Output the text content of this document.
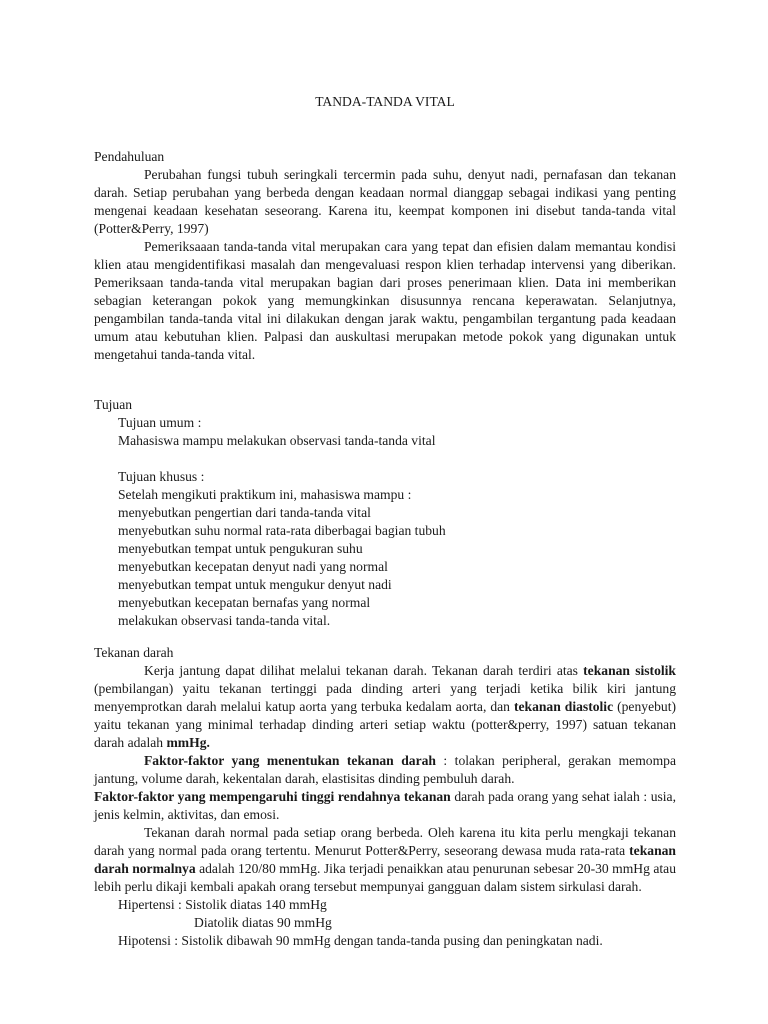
TANDA-TANDA VITAL

Pendahuluan

Perubahan fungsi tubuh seringkali tercermin pada suhu, denyut nadi, pernafasan dan tekanan darah. Setiap perubahan yang berbeda dengan keadaan normal dianggap sebagai indikasi yang penting mengenai keadaan kesehatan seseorang. Karena itu, keempat komponen ini disebut tanda-tanda vital (Potter&Perry, 1997)

Pemeriksaaan tanda-tanda vital merupakan cara yang tepat dan efisien dalam memantau kondisi klien atau mengidentifikasi masalah dan mengevaluasi respon klien terhadap intervensi yang diberikan. Pemeriksaan tanda-tanda vital merupakan bagian dari proses penerimaan klien. Data ini memberikan sebagian keterangan pokok yang memungkinkan disusunnya rencana keperawatan. Selanjutnya, pengambilan tanda-tanda vital ini dilakukan dengan jarak waktu, pengambilan tergantung pada keadaan umum atau kebutuhan klien. Palpasi dan auskultasi merupakan metode pokok yang digunakan untuk mengetahui tanda-tanda vital.

Tujuan

Tujuan umum :

Mahasiswa mampu melakukan observasi tanda-tanda vital

Tujuan khusus :

Setelah mengikuti praktikum ini, mahasiswa mampu :

menyebutkan pengertian dari tanda-tanda vital

menyebutkan suhu normal rata-rata diberbagai bagian tubuh

menyebutkan tempat untuk pengukuran suhu

menyebutkan kecepatan denyut nadi yang normal

menyebutkan tempat untuk mengukur denyut nadi

menyebutkan kecepatan bernafas yang normal

melakukan observasi tanda-tanda vital.

Tekanan darah

Kerja jantung dapat dilihat melalui tekanan darah. Tekanan darah terdiri atas tekanan sistolik (pembilangan) yaitu tekanan tertinggi pada dinding arteri yang terjadi ketika bilik kiri jantung menyemprotkan darah melalui katup aorta yang terbuka kedalam aorta, dan tekanan diastolic (penyebut) yaitu tekanan yang minimal terhadap dinding arteri setiap waktu (potter&perry, 1997) satuan tekanan darah adalah mmHg.

Faktor-faktor yang menentukan tekanan darah : tolakan peripheral, gerakan memompa jantung, volume darah, kekentalan darah, elastisitas dinding pembuluh darah.

Faktor-faktor yang mempengaruhi tinggi rendahnya tekanan darah pada orang yang sehat ialah : usia, jenis kelmin, aktivitas, dan emosi.

Tekanan darah normal pada setiap orang berbeda. Oleh karena itu kita perlu mengkaji tekanan darah yang normal pada orang tertentu. Menurut Potter&Perry, seseorang dewasa muda rata-rata tekanan darah normalnya adalah 120/80 mmHg. Jika terjadi penaikkan atau penurunan sebesar 20-30 mmHg atau lebih perlu dikaji kembali apakah orang tersebut mempunyai gangguan dalam sistem sirkulasi darah.

Hipertensi : Sistolik diatas 140 mmHg

Diatolik diatas 90 mmHg

Hipotensi : Sistolik dibawah 90 mmHg dengan tanda-tanda pusing dan peningkatan nadi.
